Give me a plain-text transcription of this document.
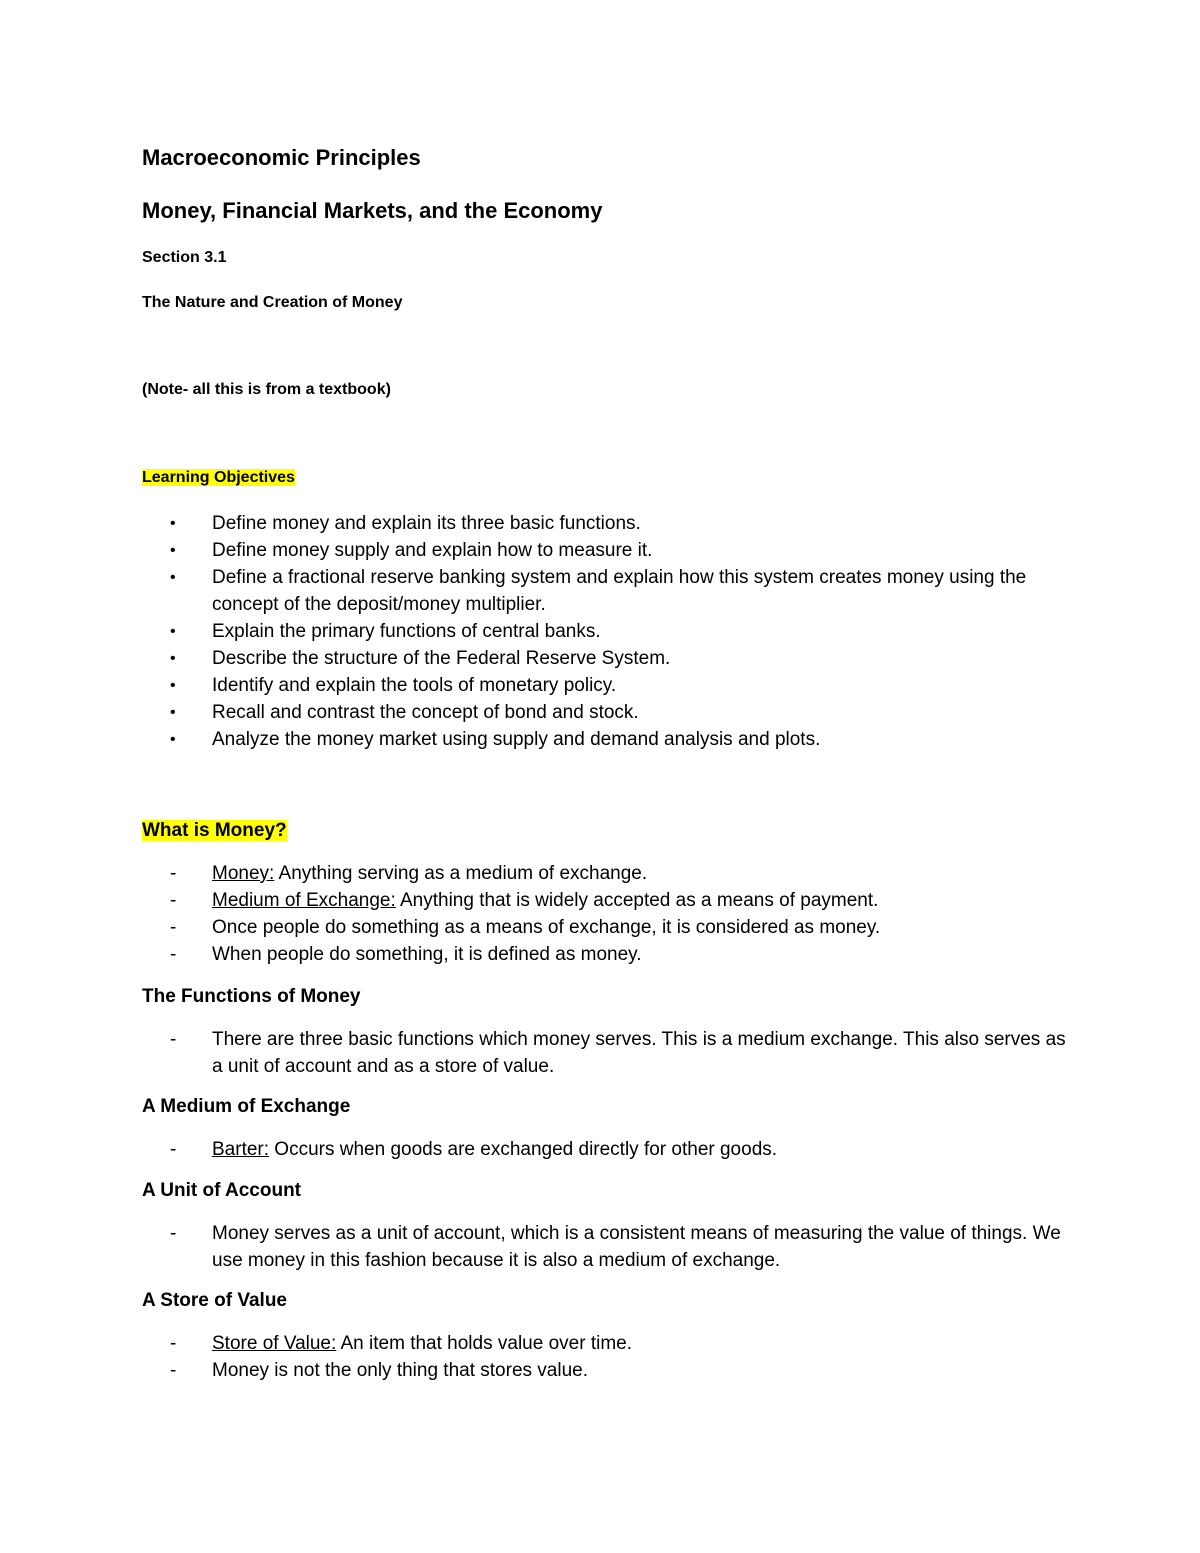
Macroeconomic Principles

Money, Financial Markets, and the Economy

Section 3.1

The Nature and Creation of Money

(Note- all this is from a textbook)

Learning Objectives

• Define money and explain its three basic functions.
• Define money supply and explain how to measure it.
• Define a fractional reserve banking system and explain how this system creates money using the concept of the deposit/money multiplier.
• Explain the primary functions of central banks.
• Describe the structure of the Federal Reserve System.
• Identify and explain the tools of monetary policy.
• Recall and contrast the concept of bond and stock.
• Analyze the money market using supply and demand analysis and plots.

What is Money?

- Money: Anything serving as a medium of exchange.
- Medium of Exchange: Anything that is widely accepted as a means of payment.
- Once people do something as a means of exchange, it is considered as money.
- When people do something, it is defined as money.

The Functions of Money

- There are three basic functions which money serves. This is a medium exchange. This also serves as a unit of account and as a store of value.

A Medium of Exchange

- Barter: Occurs when goods are exchanged directly for other goods.

A Unit of Account

- Money serves as a unit of account, which is a consistent means of measuring the value of things. We use money in this fashion because it is also a medium of exchange.

A Store of Value

- Store of Value: An item that holds value over time.
- Money is not the only thing that stores value.
